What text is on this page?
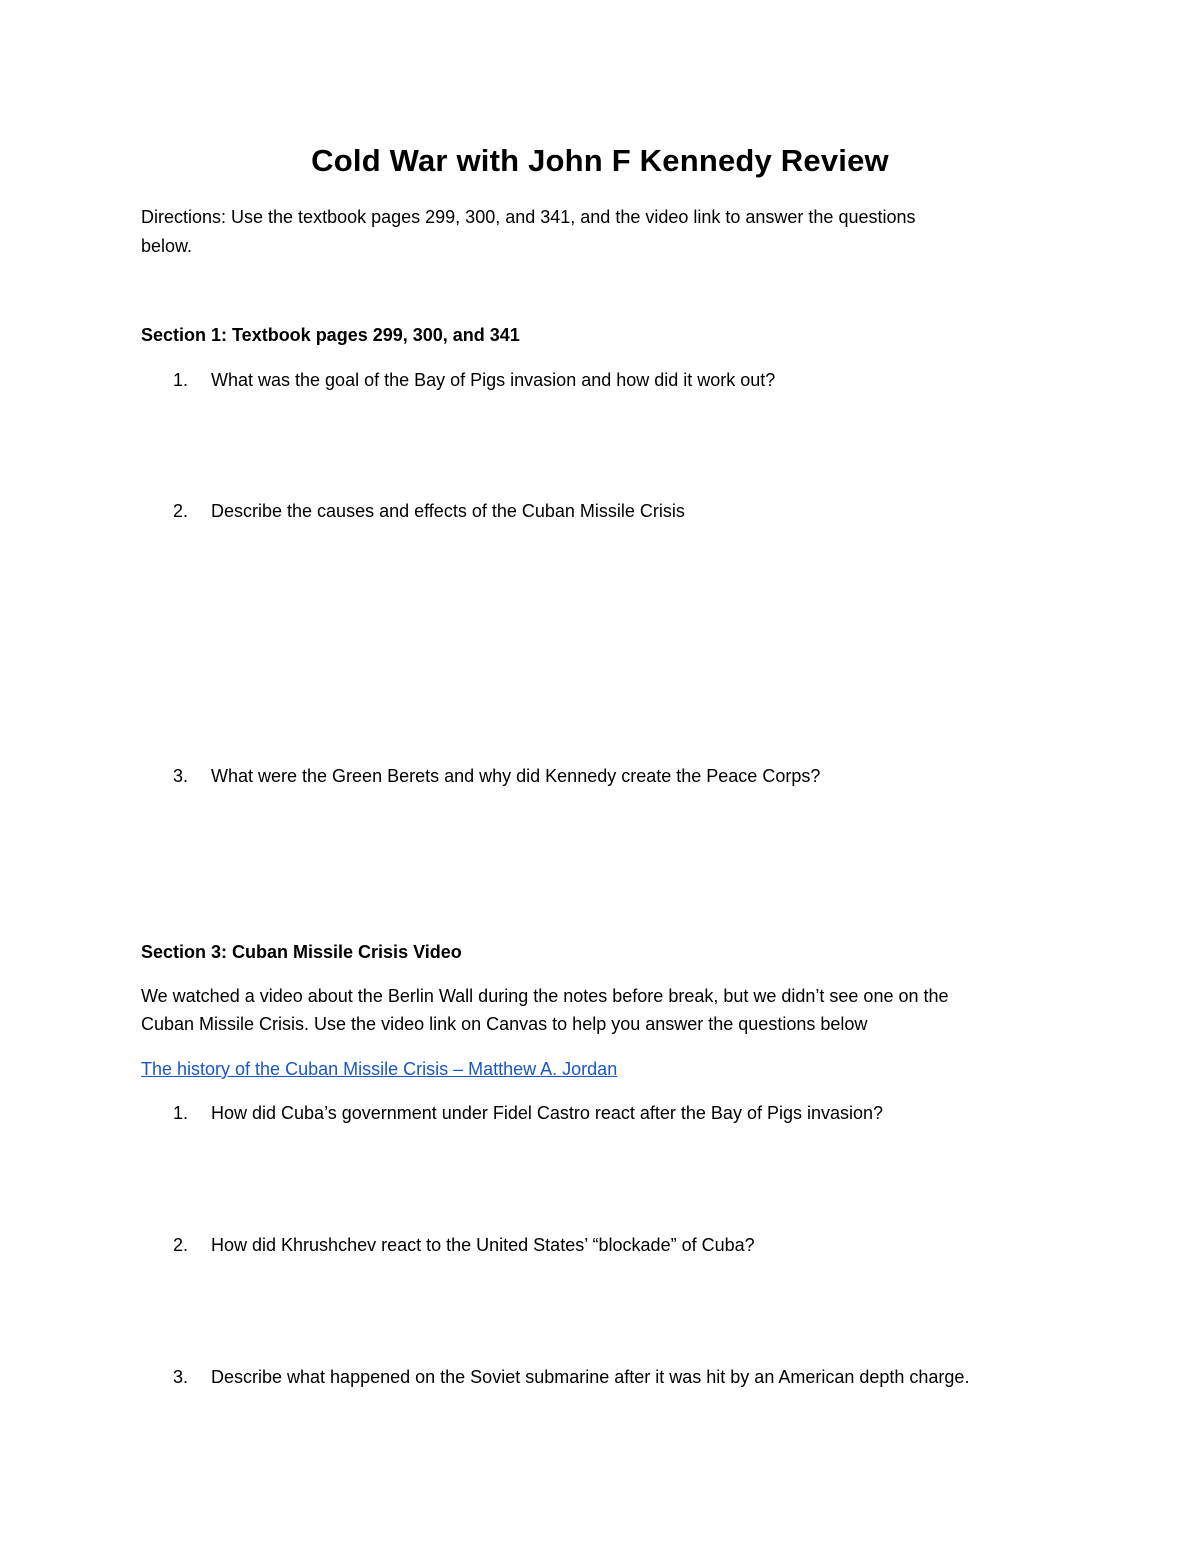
Cold War with John F Kennedy Review
Directions: Use the textbook pages 299, 300, and 341, and the video link to answer the questions
below.
Section 1: Textbook pages 299, 300, and 341
1. What was the goal of the Bay of Pigs invasion and how did it work out?
2. Describe the causes and effects of the Cuban Missile Crisis
3. What were the Green Berets and why did Kennedy create the Peace Corps?
Section 3: Cuban Missile Crisis Video
We watched a video about the Berlin Wall during the notes before break, but we didn’t see one on the
Cuban Missile Crisis. Use the video link on Canvas to help you answer the questions below
The history of the Cuban Missile Crisis – Matthew A. Jordan
1. How did Cuba’s government under Fidel Castro react after the Bay of Pigs invasion?
2. How did Khrushchev react to the United States’ “blockade” of Cuba?
3. Describe what happened on the Soviet submarine after it was hit by an American depth charge.
